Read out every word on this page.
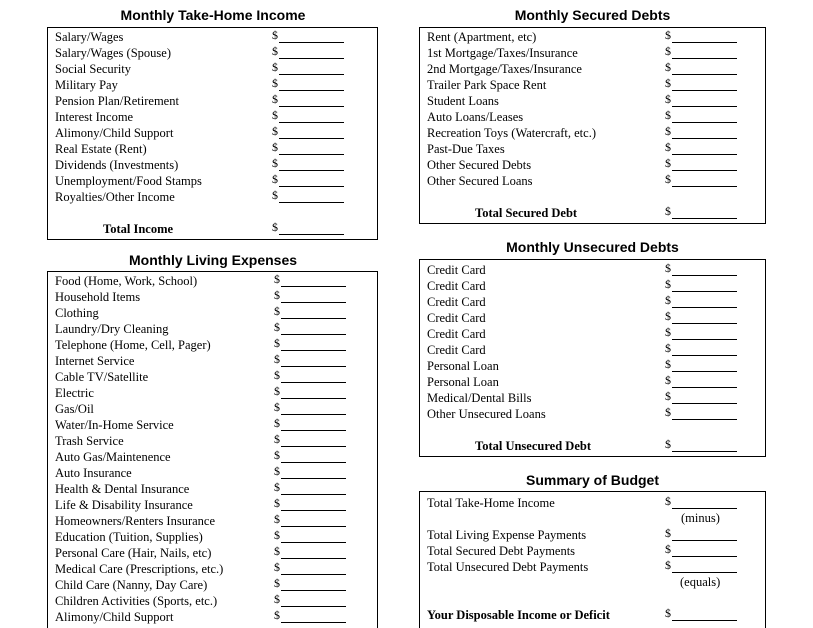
Monthly Take-Home Income
Salary/Wages	$
Salary/Wages (Spouse)	$
Social Security	$
Military Pay	$
Pension Plan/Retirement	$
Interest Income	$
Alimony/Child Support	$
Real Estate (Rent)	$
Dividends (Investments)	$
Unemployment/Food Stamps	$
Royalties/Other Income	$
Total Income	$
Monthly Living Expenses
Food (Home, Work, School)	$
Household Items	$
Clothing	$
Laundry/Dry Cleaning	$
Telephone (Home, Cell, Pager)	$
Internet Service	$
Cable TV/Satellite	$
Electric	$
Gas/Oil	$
Water/In-Home Service	$
Trash Service	$
Auto Gas/Maintenence	$
Auto Insurance	$
Health & Dental Insurance	$
Life & Disability Insurance	$
Homeowners/Renters Insurance	$
Education (Tuition, Supplies)	$
Personal Care (Hair, Nails, etc)	$
Medical Care (Prescriptions, etc.)	$
Child Care (Nanny, Day Care)	$
Children Activities (Sports, etc.)	$
Alimony/Child Support	$
Monthly Secured Debts
Rent (Apartment, etc)	$
1st Mortgage/Taxes/Insurance	$
2nd Mortgage/Taxes/Insurance	$
Trailer Park Space Rent	$
Student Loans	$
Auto Loans/Leases	$
Recreation Toys (Watercraft, etc.)	$
Past-Due Taxes	$
Other Secured Debts	$
Other Secured Loans	$
Total Secured Debt	$
Monthly Unsecured Debts
Credit Card	$
Credit Card	$
Credit Card	$
Credit Card	$
Credit Card	$
Credit Card	$
Personal Loan	$
Personal Loan	$
Medical/Dental Bills	$
Other Unsecured Loans	$
Total Unsecured Debt	$
Summary of Budget
Total Take-Home Income	$
(minus)
Total Living Expense Payments	$
Total Secured Debt Payments	$
Total Unsecured Debt Payments	$
(equals)
Your Disposable Income or Deficit	$
